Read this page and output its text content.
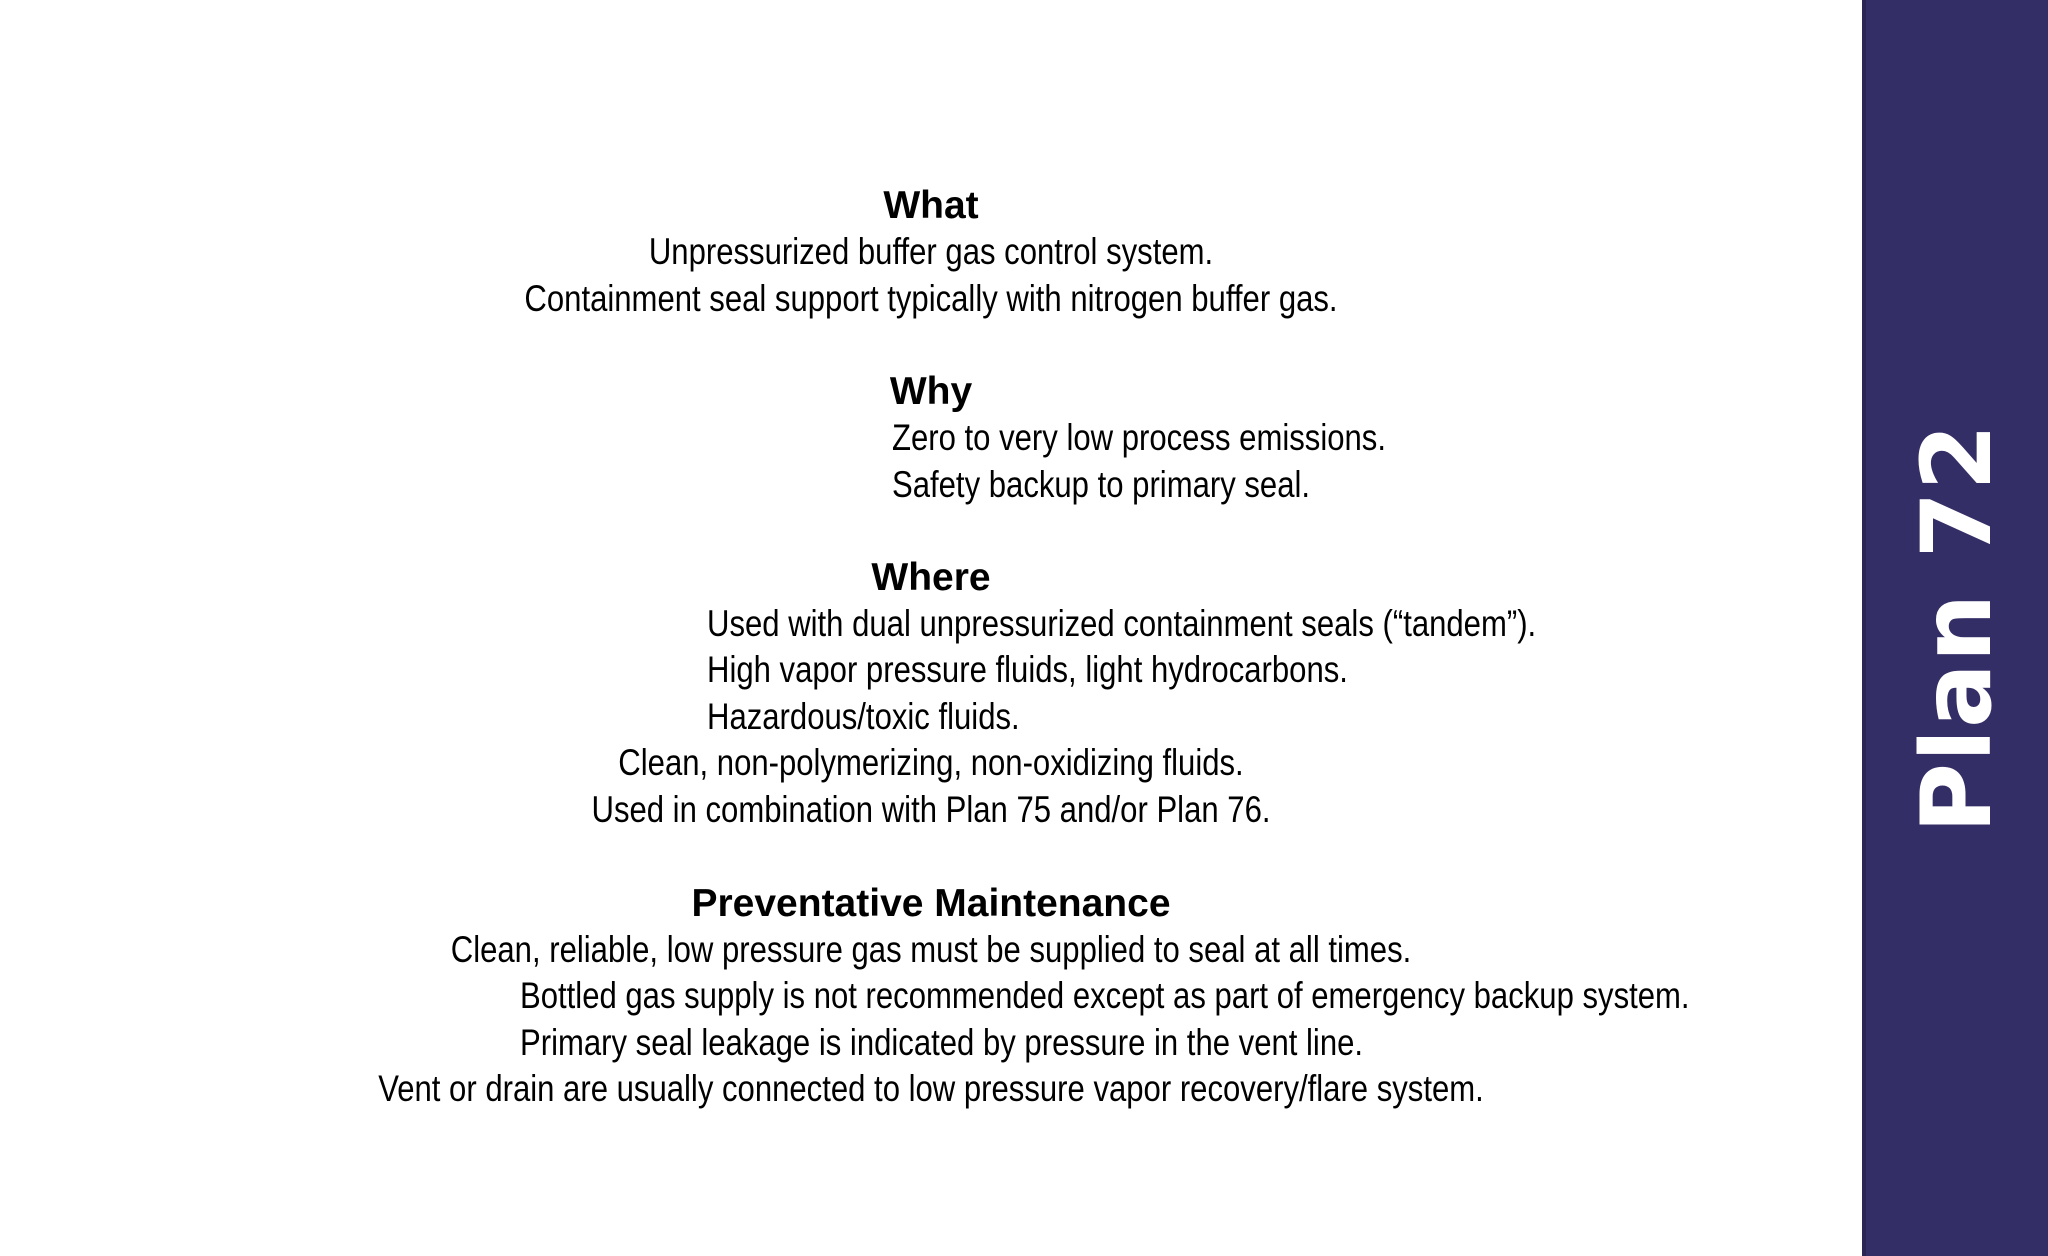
What

Unpressurized buffer gas control system.

Containment seal support typically with nitrogen buffer gas.

Why

Zero to very low process emissions.

Safety backup to primary seal.

Where

Used with dual unpressurized containment seals (“tandem”).

High vapor pressure fluids, light hydrocarbons.

Hazardous/toxic fluids.

Clean, non-polymerizing, non-oxidizing fluids.

Used in combination with Plan 75 and/or Plan 76.

Preventative Maintenance

Clean, reliable, low pressure gas must be supplied to seal at all times.

Bottled gas supply is not recommended except as part of emergency backup system.

Primary seal leakage is indicated by pressure in the vent line.

Vent or drain are usually connected to low pressure vapor recovery/flare system.

Plan 72
